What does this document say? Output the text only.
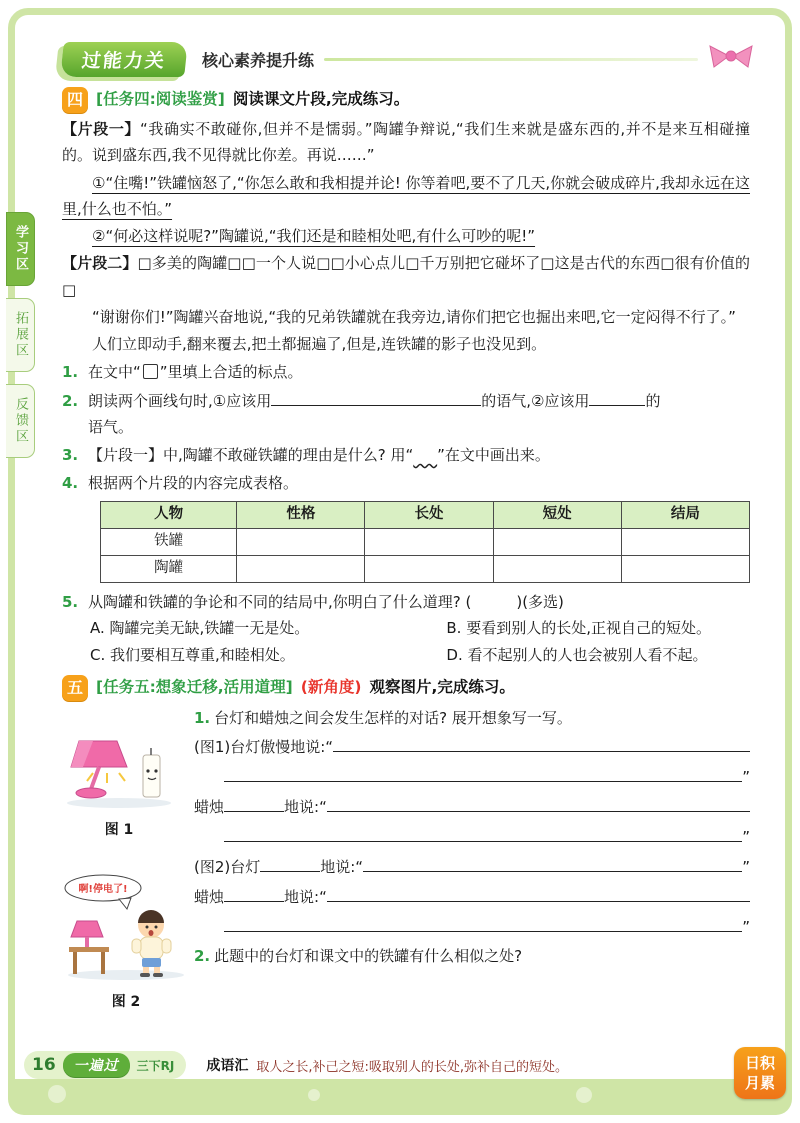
过能力关	核心素养提升练
学习区
拓展区
反馈区
四 [任务四:阅读鉴赏] 阅读课文片段,完成练习。

【片段一】“我确实不敢碰你,但并不是懦弱。”陶罐争辩说,“我们生来就是盛东西的,并不是来互相碰撞的。说到盛东西,我不见得就比你差。再说……”

①“住嘴!”铁罐恼怒了,“你怎么敢和我相提并论! 你等着吧,要不了几天,你就会破成碎片,我却永远在这里,什么也不怕。”

②“何必这样说呢?”陶罐说,“我们还是和睦相处吧,有什么可吵的呢!”

【片段二】□多美的陶罐□□一个人说□□小心点儿□千万别把它碰坏了□这是古代的东西□很有价值的□

“谢谢你们!”陶罐兴奋地说,“我的兄弟铁罐就在我旁边,请你们把它也掘出来吧,它一定闷得不行了。”

人们立即动手,翻来覆去,把土都掘遍了,但是,连铁罐的影子也没见到。

1. 在文中“ ”里填上合适的标点。
2. 朗读两个画线句时,①应该用	的语气,②应该用	的
语气。
3. 【片段一】中,陶罐不敢碰铁罐的理由是什么? 用“ ”在文中画出来。
4. 根据两个片段的内容完成表格。
人物	性格	长处	短处	结局
铁罐				
陶罐				
5. 从陶罐和铁罐的争论和不同的结局中,你明白了什么道理? (　　　)(多选)
A. 陶罐完美无缺,铁罐一无是处。	B. 要看到别人的长处,正视自己的短处。
C. 我们要相互尊重,和睦相处。	D. 看不起别人的人也会被别人看不起。
五 [任务五:想象迁移,活用道理] (新角度) 观察图片,完成练习。
图 1
啊!停电了!
图 2

1. 台灯和蜡烛之间会发生怎样的对话? 展开想象写一写。

(图1)台灯傲慢地说:“
”
蜡烛	地说:“
”
(图2)台灯	地说:“	”
蜡烛	地说:“
”

2. 此题中的台灯和课文中的铁罐有什么相似之处?

16	一遍过	三下RJ 成语汇 取人之长,补己之短:吸取别人的长处,弥补自己的短处。	日积月累
